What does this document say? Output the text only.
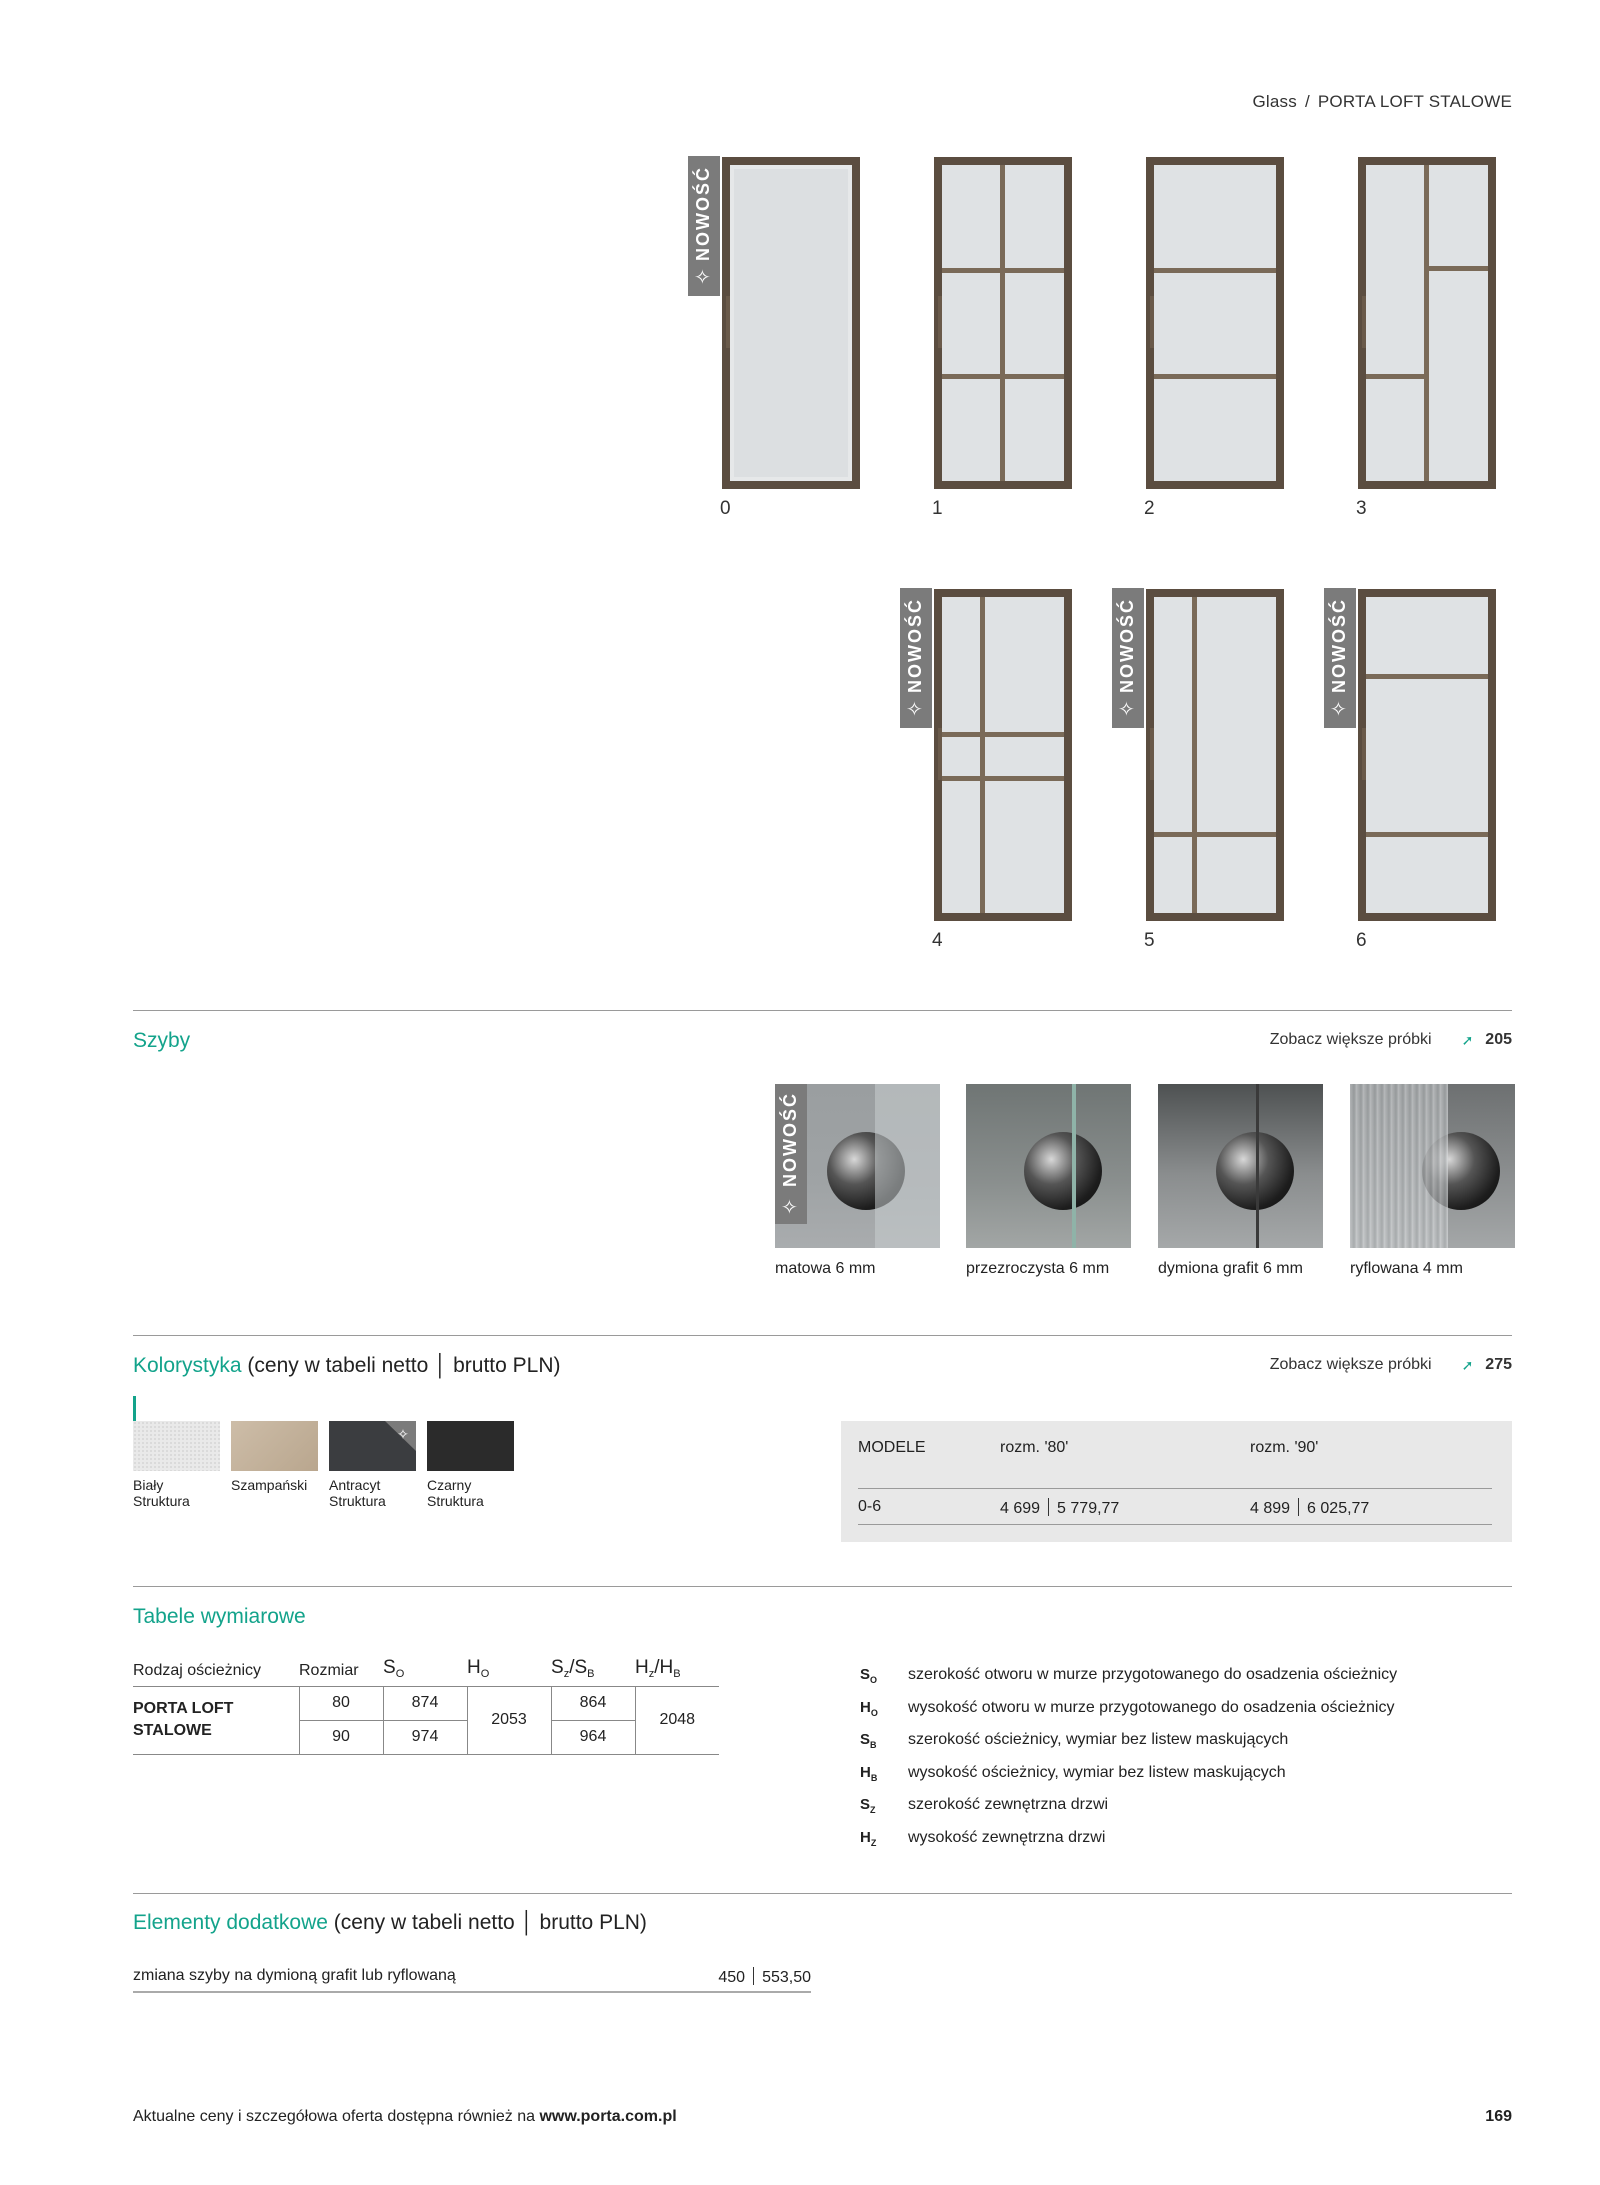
Glass / PORTA LOFT STALOWE
NOWOŚĆ
✧
0	1	2	3
NOWOŚĆ
✧
4
NOWOŚĆ
✧
5
NOWOŚĆ
✧
6
Szyby	Zobacz większe próbki ➚ 205
NOWOŚĆ
✧
matowa 6 mm	przezroczysta 6 mm	dymiona grafit 6 mm	ryflowana 4 mm
Kolorystyka (ceny w tabeli netto │ brutto PLN)	Zobacz większe próbki ➚ 275
Biały
Struktura
Szampański
✧
Antracyt
Struktura
Czarny
Struktura
MODELE	rozm. '80'	rozm. '90'
0-6	4 699 5 779,77	4 899 6 025,77
Tabele wymiarowe
Rodzaj ościeżnicy	Rozmiar	$S_O$	$H_O$	$S_z/S_B$	$H_z/H_B$
PORTA LOFT
STALOWE	80	874	2053	864	2048
	90	974		964	
$S_O$	szerokość otworu w murze przygotowanego do osadzenia ościeżnicy
$H_O$	wysokość otworu w murze przygotowanego do osadzenia ościeżnicy
$S_B$	szerokość ościeżnicy, wymiar bez listew maskujących
$H_B$	wysokość ościeżnicy, wymiar bez listew maskujących
$S_Z$	szerokość zewnętrzna drzwi
$H_Z$	wysokość zewnętrzna drzwi
Elementy dodatkowe (ceny w tabeli netto │ brutto PLN)
zmiana szyby na dymioną grafit lub ryflowaną	450 553,50
Aktualne ceny i szczegółowa oferta dostępna również na www.porta.com.pl	169
